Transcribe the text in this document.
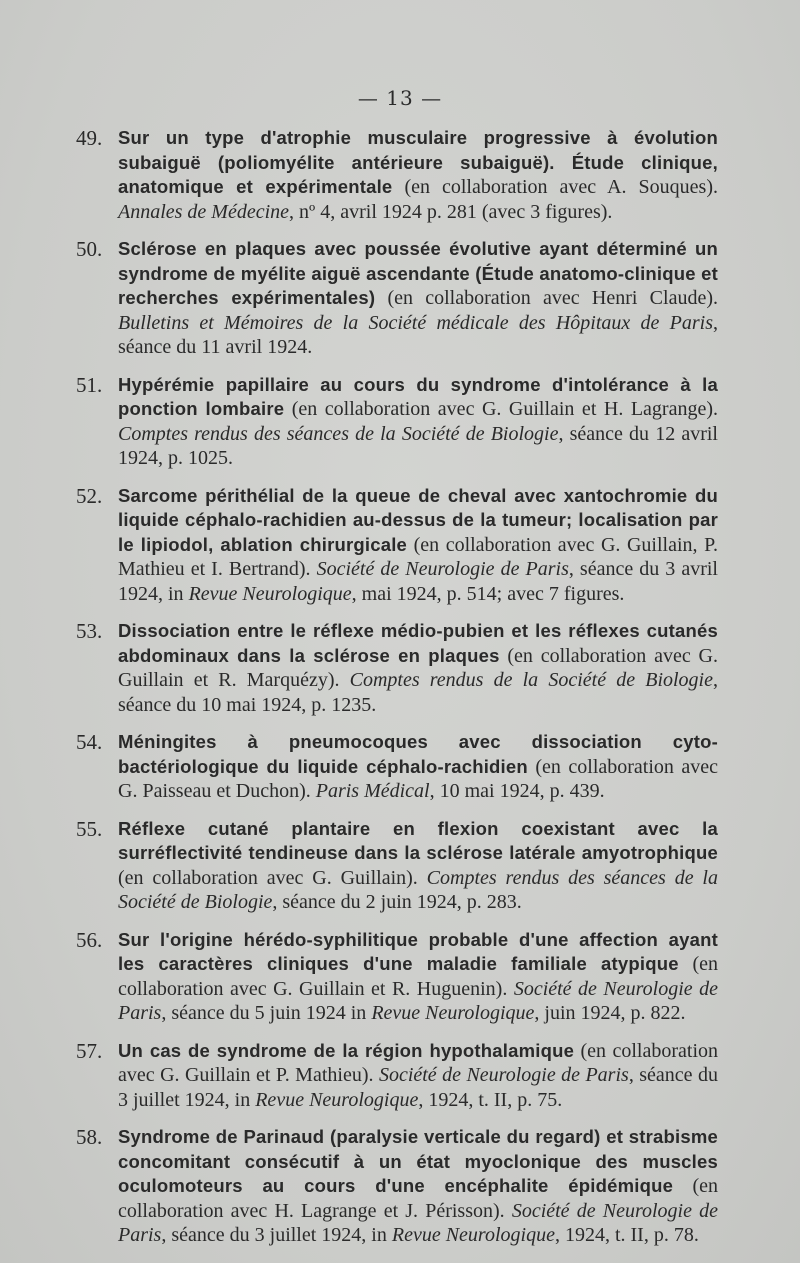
— 13 —
49. Sur un type d'atrophie musculaire progressive à évolution subaiguë (poliomyélite antérieure subaiguë). Étude clinique, anatomique et expérimentale (en collaboration avec A. Souques). Annales de Médecine, nº 4, avril 1924 p. 281 (avec 3 figures).
50. Sclérose en plaques avec poussée évolutive ayant déterminé un syndrome de myélite aiguë ascendante (Étude anatomo-clinique et recherches expérimentales) (en collaboration avec Henri Claude). Bulletins et Mémoires de la Société médicale des Hôpitaux de Paris, séance du 11 avril 1924.
51. Hypérémie papillaire au cours du syndrome d'intolérance à la ponction lombaire (en collaboration avec G. Guillain et H. Lagrange). Comptes rendus des séances de la Société de Biologie, séance du 12 avril 1924, p. 1025.
52. Sarcome périthélial de la queue de cheval avec xantochromie du liquide céphalo-rachidien au-dessus de la tumeur; localisation par le lipiodol, ablation chirurgicale (en collaboration avec G. Guillain, P. Mathieu et I. Bertrand). Société de Neurologie de Paris, séance du 3 avril 1924, in Revue Neurologique, mai 1924, p. 514; avec 7 figures.
53. Dissociation entre le réflexe médio-pubien et les réflexes cutanés abdominaux dans la sclérose en plaques (en collaboration avec G. Guillain et R. Marquézy). Comptes rendus de la Société de Biologie, séance du 10 mai 1924, p. 1235.
54. Méningites à pneumocoques avec dissociation cyto-bactériologique du liquide céphalo-rachidien (en collaboration avec G. Paisseau et Duchon). Paris Médical, 10 mai 1924, p. 439.
55. Réflexe cutané plantaire en flexion coexistant avec la surréflectivité tendineuse dans la sclérose latérale amyotrophique (en collaboration avec G. Guillain). Comptes rendus des séances de la Société de Biologie, séance du 2 juin 1924, p. 283.
56. Sur l'origine hérédo-syphilitique probable d'une affection ayant les caractères cliniques d'une maladie familiale atypique (en collaboration avec G. Guillain et R. Huguenin). Société de Neurologie de Paris, séance du 5 juin 1924 in Revue Neurologique, juin 1924, p. 822.
57. Un cas de syndrome de la région hypothalamique (en collaboration avec G. Guillain et P. Mathieu). Société de Neurologie de Paris, séance du 3 juillet 1924, in Revue Neurologique, 1924, t. II, p. 75.
58. Syndrome de Parinaud (paralysie verticale du regard) et strabisme concomitant consécutif à un état myoclonique des muscles oculomoteurs au cours d'une encéphalite épidémique (en collaboration avec H. Lagrange et J. Périsson). Société de Neurologie de Paris, séance du 3 juillet 1924, in Revue Neurologique, 1924, t. II, p. 78.
